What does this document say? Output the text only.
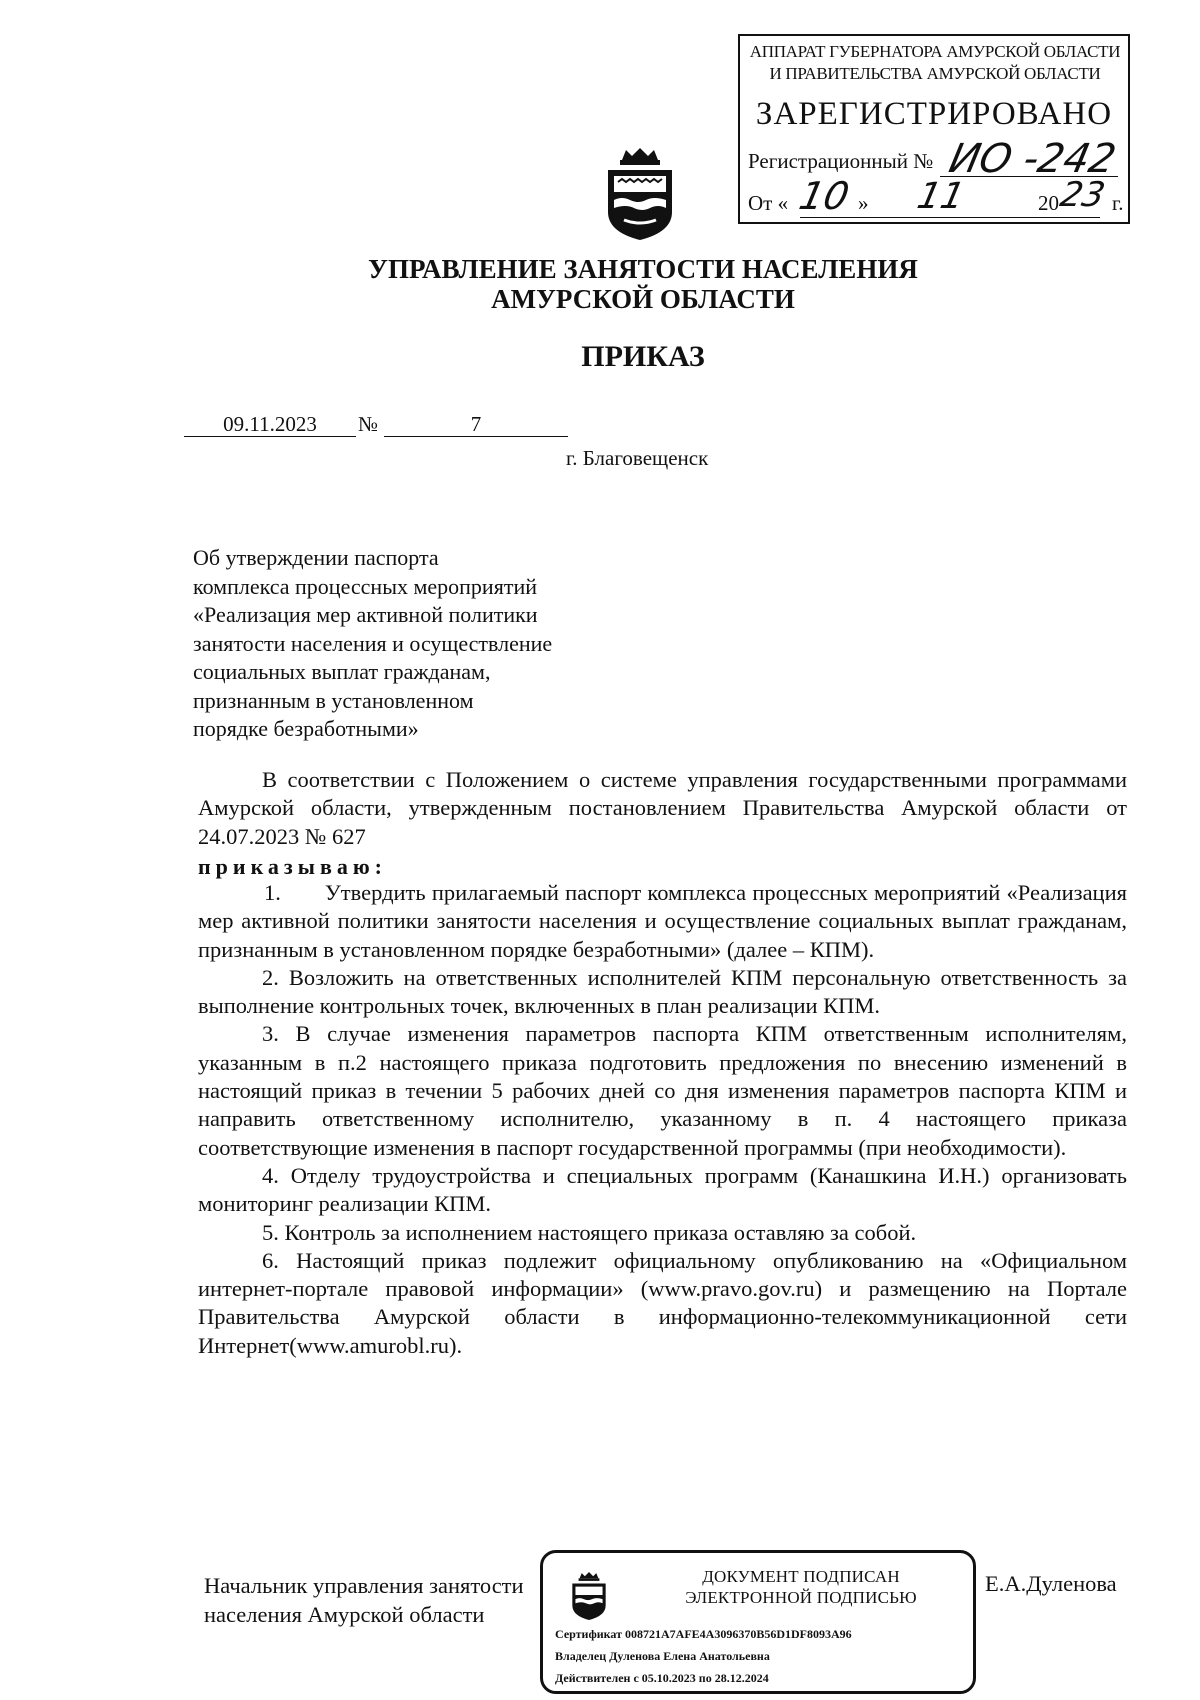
АППАРАТ ГУБЕРНАТОРА АМУРСКОЙ ОБЛАСТИ
И ПРАВИТЕЛЬСТВА АМУРСКОЙ ОБЛАСТИ
ЗАРЕГИСТРИРОВАНО
Регистрационный № ИО -242
От « 10 » 11	20
23 г.
УПРАВЛЕНИЕ ЗАНЯТОСТИ НАСЕЛЕНИЯ
АМУРСКОЙ ОБЛАСТИ
ПРИКАЗ
09.11.2023	№	7
г. Благовещенск
Об утверждении паспорта
комплекса процессных мероприятий
«Реализация мер активной политики
занятости населения и осуществление
социальных выплат гражданам,
признанным в установленном
порядке безработными»

В соответствии с Положением о системе управления государственными программами Амурской области, утвержденным постановлением Правительства Амурской области от 24.07.2023 № 627

приказываю:

1. Утвердить прилагаемый паспорт комплекса процессных мероприятий «Реализация мер активной политики занятости населения и осуществление социальных выплат гражданам, признанным в установленном порядке безработными» (далее – КПМ).

2. Возложить на ответственных исполнителей КПМ персональную ответственность за выполнение контрольных точек, включенных в план реализации КПМ.

3. В случае изменения параметров паспорта КПМ ответственным исполнителям, указанным в п.2 настоящего приказа подготовить предложения по внесению изменений в настоящий приказ в течении 5 рабочих дней со дня изменения параметров паспорта КПМ и направить ответственному исполнителю, указанному в п. 4 настоящего приказа соответствующие изменения в паспорт государственной программы (при необходимости).

4. Отделу трудоустройства и специальных программ (Канашкина И.Н.) организовать мониторинг реализации КПМ.

5. Контроль за исполнением настоящего приказа оставляю за собой.

6. Настоящий приказ подлежит официальному опубликованию на «Официальном интернет-портале правовой информации» (www.pravo.gov.ru) и размещению на Портале Правительства Амурской области в информационно-телекоммуникационной сети Интернет(www.amurobl.ru).

Начальник управления занятости
населения Амурской области
ДОКУМЕНТ ПОДПИСАН
ЭЛЕКТРОННОЙ ПОДПИСЬЮ
Сертификат 008721A7AFE4A3096370B56D1DF8093A96
Владелец Дуленова Елена Анатольевна
Действителен с 05.10.2023 по 28.12.2024
Е.А.Дуленова
